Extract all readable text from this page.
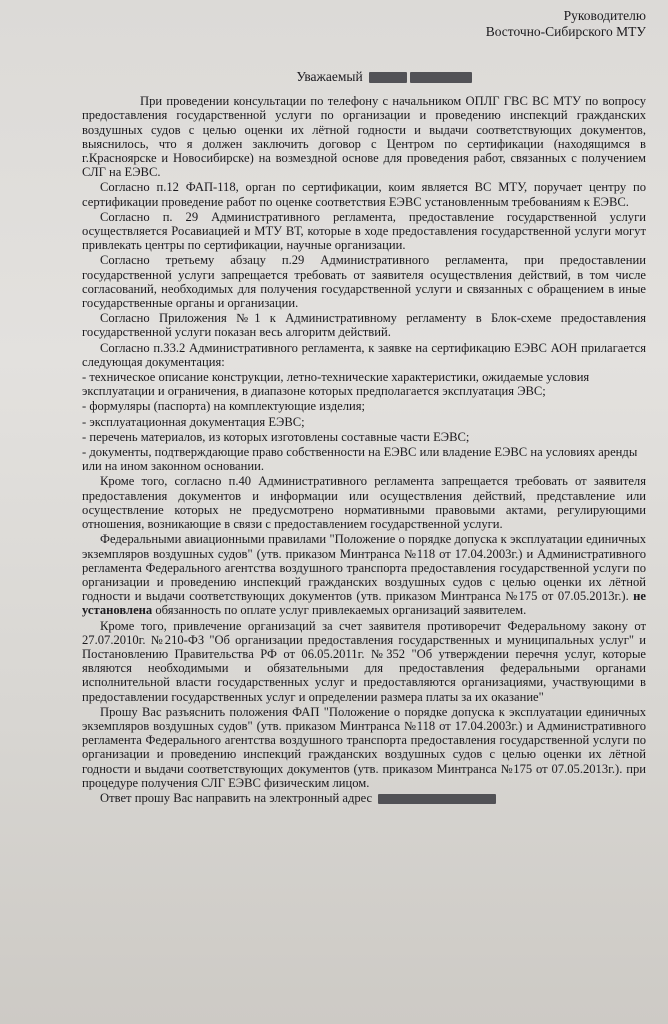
Руководителю
Восточно-Сибирского МТУ
Уважаемый

При проведении консультации по телефону с начальником ОПЛГ ГВС ВС МТУ по вопросу предоставления государственной услуги по организации и проведению инспекций гражданских воздушных судов с целью оценки их лётной годности и выдачи соответствующих документов, выяснилось, что я должен заключить договор с Центром по сертификации (находящимся в г.Красноярске и Новосибирске) на возмездной основе для проведения работ, связанных с получением СЛГ на ЕЭВС.

Согласно п.12 ФАП-118, орган по сертификации, коим является ВС МТУ, поручает центру по сертификации проведение работ по оценке соответствия ЕЭВС установленным требованиям к ЕЭВС.

Согласно п. 29 Административного регламента, предоставление государственной услуги осуществляется Росавиацией и МТУ ВТ, которые в ходе предоставления государственной услуги могут привлекать центры по сертификации, научные организации.

Согласно третьему абзацу п.29 Административного регламента, при предоставлении государственной услуги запрещается требовать от заявителя осуществления действий, в том числе согласований, необходимых для получения государственной услуги и связанных с обращением в иные государственные органы и организации.

Согласно Приложения №1 к Административному регламенту в Блок-схеме предоставления государственной услуги показан весь алгоритм действий.

Согласно п.33.2 Административного регламента, к заявке на сертификацию ЕЭВС АОН прилагается следующая документация:

- техническое описание конструкции, летно-технические характеристики, ожидаемые условия эксплуатации и ограничения, в диапазоне которых предполагается эксплуатация ЭВС;

- формуляры (паспорта) на комплектующие изделия;

- эксплуатационная документация ЕЭВС;

- перечень материалов, из которых изготовлены составные части ЕЭВС;

- документы, подтверждающие право собственности на ЕЭВС или владение ЕЭВС на условиях аренды или на ином законном основании.

Кроме того, согласно п.40 Административного регламента запрещается требовать от заявителя предоставления документов и информации или осуществления действий, представление или осуществление которых не предусмотрено нормативными правовыми актами, регулирующими отношения, возникающие в связи с предоставлением государственной услуги.

Федеральными авиационными правилами "Положение о порядке допуска к эксплуатации единичных экземпляров воздушных судов" (утв. приказом Минтранса №118 от 17.04.2003г.) и Административного регламента Федерального агентства воздушного транспорта предоставления государственной услуги по организации и проведению инспекций гражданских воздушных судов с целью оценки их лётной годности и выдачи соответствующих документов (утв. приказом Минтранса №175 от 07.05.2013г.). не установлена обязанность по оплате услуг привлекаемых организаций заявителем.

Кроме того, привлечение организаций за счет заявителя противоречит Федеральному закону от 27.07.2010г. №210-ФЗ "Об организации предоставления государственных и муниципальных услуг" и Постановлению Правительства РФ от 06.05.2011г. №352 "Об утверждении перечня услуг, которые являются необходимыми и обязательными для предоставления федеральными органами исполнительной власти государственных услуг и предоставляются организациями, участвующими в предоставлении государственных услуг и определении размера платы за их оказание"

Прошу Вас разъяснить положения ФАП "Положение о порядке допуска к эксплуатации единичных экземпляров воздушных судов" (утв. приказом Минтранса №118 от 17.04.2003г.) и Административного регламента Федерального агентства воздушного транспорта предоставления государственной услуги по организации и проведению инспекций гражданских воздушных судов с целью оценки их лётной годности и выдачи соответствующих документов (утв. приказом Минтранса №175 от 07.05.2013г.). при процедуре получения СЛГ ЕЭВС физическим лицом.

Ответ прошу Вас направить на электронный адрес
